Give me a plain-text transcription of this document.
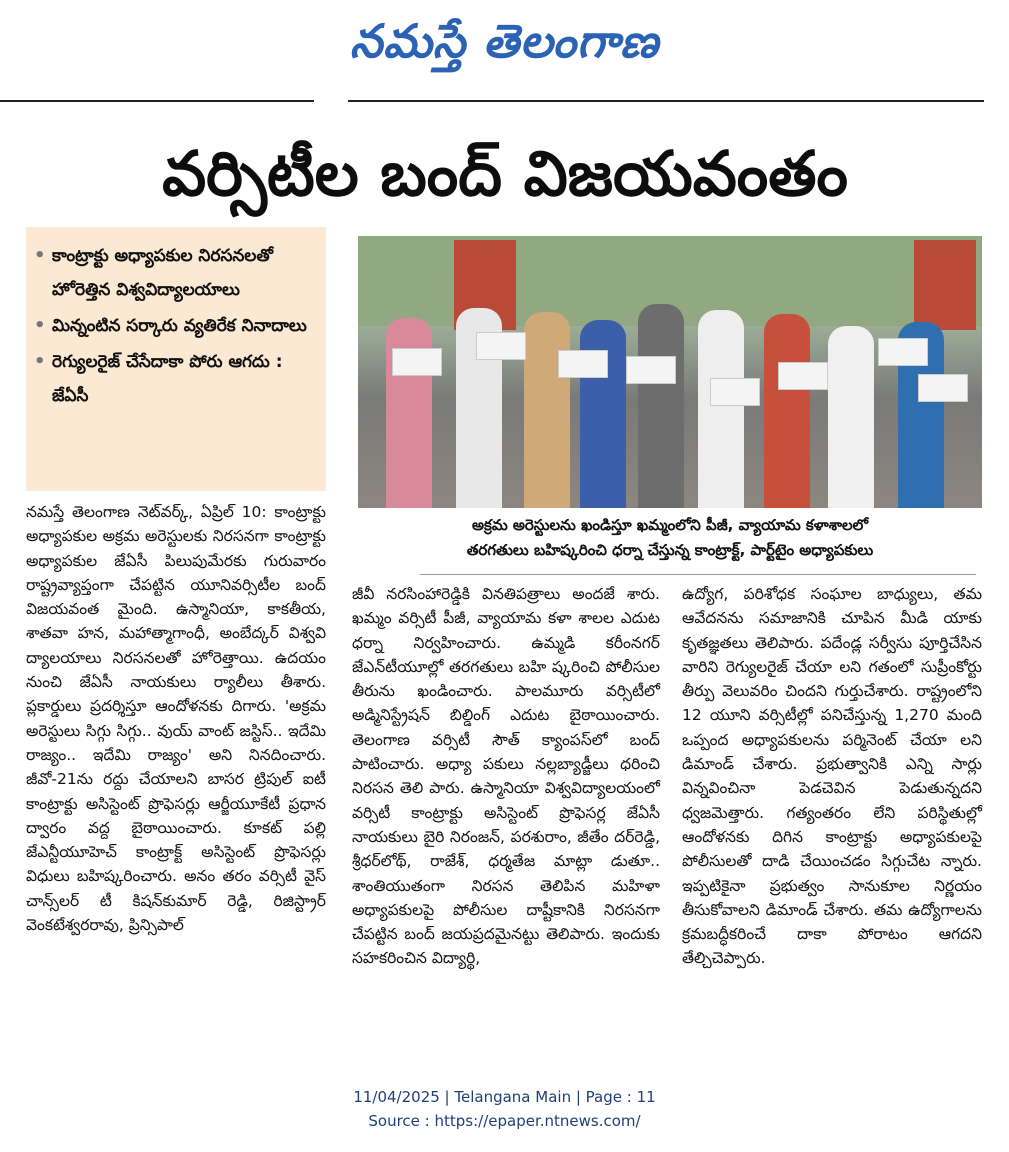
నమస్తే తెలంగాణ
వర్సిటీల బంద్‌ విజయవంతం
• కాంట్రాక్టు అధ్యాపకుల నిరసనలతో హోరెత్తిన విశ్వవిద్యాలయాలు
• మిన్నంటిన సర్కారు వ్యతిరేక నినాదాలు
• రెగ్యులరైజ్‌ చేసేదాకా పోరు ఆగదు : జేఏసీ
అక్రమ అరెస్టులను ఖండిస్తూ ఖమ్మంలోని పీజీ, వ్యాయామ కళాశాలలో
తరగతులు బహిష్కరించి ధర్నా చేస్తున్న కాంట్రాక్ట్‌, పార్ట్‌టైం అధ్యాపకులు

నమస్తే తెలంగాణ నెట్‌వర్క్‌, ఏప్రిల్‌ 10: కాంట్రాక్టు అధ్యాపకుల అక్రమ అరెస్టులకు నిరసనగా కాంట్రాక్టు అధ్యాపకుల జేఏసీ పిలుపుమేరకు గురువారం రాష్ట్రవ్యాప్తంగా చేపట్టిన యూనివర్సిటీల బంద్‌ విజయవంత మైంది. ఉస్మానియా, కాకతీయ, శాతవా హన, మహాత్మాగాంధీ, అంబేద్కర్‌ విశ్వవి ద్యాలయాలు నిరసనలతో హోరెత్తాయి. ఉదయం నుంచి జేఏసీ నాయకులు ర్యాలీలు తీశారు. ప్లకార్డులు ప్రదర్శిస్తూ ఆందోళనకు దిగారు. 'అక్రమ అరెస్టులు సిగ్గు సిగ్గు.. వుయ్‌ వాంట్‌ జస్టిస్‌.. ఇదేమి రాజ్యం.. ఇదేమి రాజ్యం' అని నినదించారు. జీవో-21ను రద్దు చేయాలని బాసర ట్రిపుల్‌ ఐటీ కాంట్రాక్టు అసిస్టెంట్‌ ప్రొఫెసర్లు ఆర్జీయూకేటీ ప్రధాన ద్వారం వద్ద బైఠాయించారు. కూకట్‌ పల్లి జేఎన్టీయూహెచ్‌ కాంట్రాక్ట్‌ అసిస్టెంట్‌ ప్రొఫెసర్లు విధులు బహిష్కరించారు. అనం తరం వర్సిటీ వైస్‌ చాన్స్‌లర్‌ టీ కిషన్‌కుమార్‌ రెడ్డి, రిజిస్ట్రార్‌ వెంకటేశ్వరరావు, ప్రిన్సిపాల్‌

జీవీ నరసింహారెడ్డికి వినతిపత్రాలు అందజే శారు. ఖమ్మం వర్సిటీ పీజీ, వ్యాయామ కళా శాలల ఎదుట ధర్నా నిర్వహించారు. ఉమ్మడి కరీంనగర్‌ జేఎన్‌టీయూల్లో తరగతులు బహి ష్కరించి పోలీసుల తీరును ఖండించారు. పాలమూరు వర్సిటీలో అడ్మినిస్ట్రేషన్‌ బిల్డింగ్‌ ఎదుట బైఠాయించారు. తెలంగాణ వర్సిటీ సౌత్‌ క్యాంపస్‌లో బంద్‌ పాటించారు. అధ్యా పకులు నల్లబ్యాడ్జీలు ధరించి నిరసన తెలి పారు. ఉస్మానియా విశ్వవిద్యాలయంలో వర్సిటీ కాంట్రాక్టు అసిస్టెంట్‌ ప్రొఫెసర్ల జేఏసీ నాయకులు బైరి నిరంజన్‌, పరశురాం, జీతేం దర్‌రెడ్డి, శ్రీధర్‌లోథ్‌, రాజేశ్‌, ధర్మతేజ మాట్లా డుతూ.. శాంతియుతంగా నిరసన తెలిపిన మహిళా అధ్యాపకులపై పోలీసుల దాష్టీకానికి నిరసనగా చేపట్టిన బంద్‌ జయప్రదమైనట్టు తెలిపారు. ఇందుకు సహకరించిన విద్యార్థి,

ఉద్యోగ, పరిశోధక సంఘాల బాధ్యులు, తమ ఆవేదనను సమాజానికి చూపిన మీడి యాకు కృతజ్ఞతలు తెలిపారు. పదేండ్ల సర్వీసు పూర్తిచేసిన వారిని రెగ్యులరైజ్‌ చేయా లని గతంలో సుప్రీంకోర్టు తీర్పు వెలువరిం చిందని గుర్తుచేశారు. రాష్ట్రంలోని 12 యూని వర్సిటీల్లో పనిచేస్తున్న 1,270 మంది ఒప్పంద అధ్యాపకులను పర్మినెంట్‌ చేయా లని డిమాండ్‌ చేశారు. ప్రభుత్వానికి ఎన్ని సార్లు విన్నవించినా పెడచెవిన పెడుతున్నదని ధ్వజమెత్తారు. గత్యంతరం లేని పరిస్థితుల్లో ఆందోళనకు దిగిన కాంట్రాక్టు అధ్యాపకులపై పోలీసులతో దాడి చేయించడం సిగ్గుచేట న్నారు. ఇప్పటికైనా ప్రభుత్వం సానుకూల నిర్ణయం తీసుకోవాలని డిమాండ్‌ చేశారు. తమ ఉద్యోగాలను క్రమబద్ధీకరించే దాకా పోరాటం ఆగదని తేల్చిచెప్పారు.

11/04/2025 | Telangana Main | Page : 11
Source : https://epaper.ntnews.com/
